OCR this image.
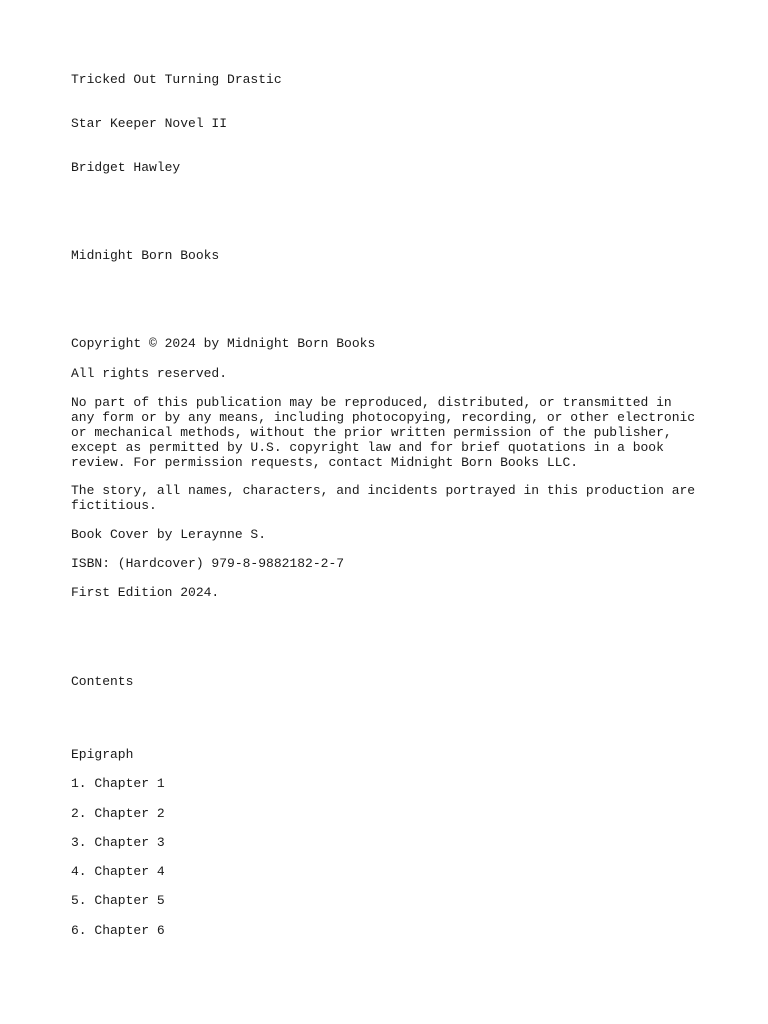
Tricked Out Turning Drastic
Star Keeper Novel II
Bridget Hawley
Midnight Born Books
Copyright © 2024 by Midnight Born Books
All rights reserved.

No part of this publication may be reproduced, distributed, or transmitted in any form or by any means, including photocopying, recording, or other electronic or mechanical methods, without the prior written permission of the publisher, except as permitted by U.S. copyright law and for brief quotations in a book review. For permission requests, contact Midnight Born Books LLC.

The story, all names, characters, and incidents portrayed in this production are fictitious.

Book Cover by Leraynne S.
ISBN: (Hardcover) 979-8-9882182-2-7
First Edition 2024.
Contents
Epigraph
1. Chapter 1
2. Chapter 2
3. Chapter 3
4. Chapter 4
5. Chapter 5
6. Chapter 6
